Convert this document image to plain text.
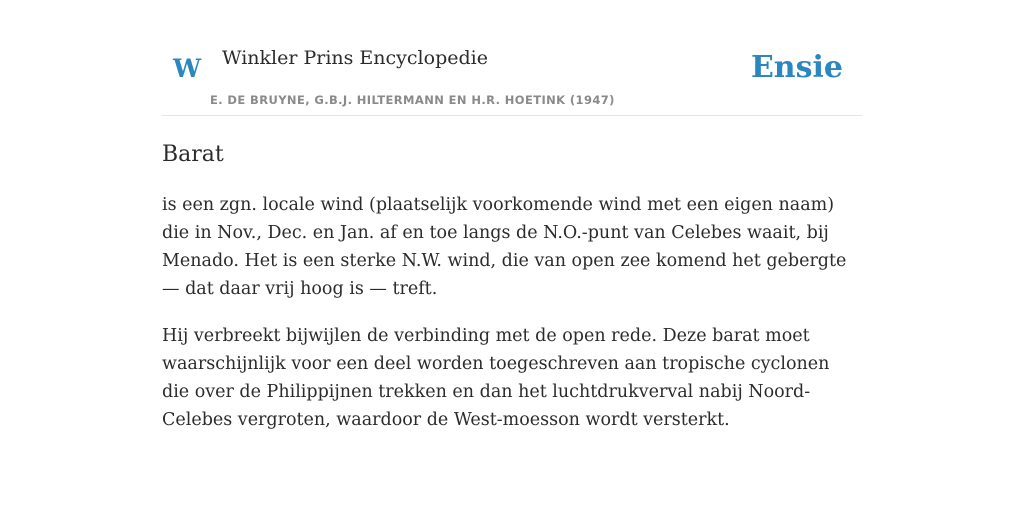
W Winkler Prins Encyclopedie
E. DE BRUYNE, G.B.J. HILTERMANN EN H.R. HOETINK (1947)
Ensie
Barat

is een zgn. locale wind (plaatselijk voorkomende wind met een eigen naam) die in Nov., Dec. en Jan. af en toe langs de N.O.-punt van Celebes waait, bij Menado. Het is een sterke N.W. wind, die van open zee komend het gebergte — dat daar vrij hoog is — treft.

Hij verbreekt bijwijlen de verbinding met de open rede. Deze barat moet waarschijnlijk voor een deel worden toegeschreven aan tropische cyclonen die over de Philippijnen trekken en dan het luchtdrukverval nabij Noord-Celebes vergroten, waardoor de West-moesson wordt versterkt.
